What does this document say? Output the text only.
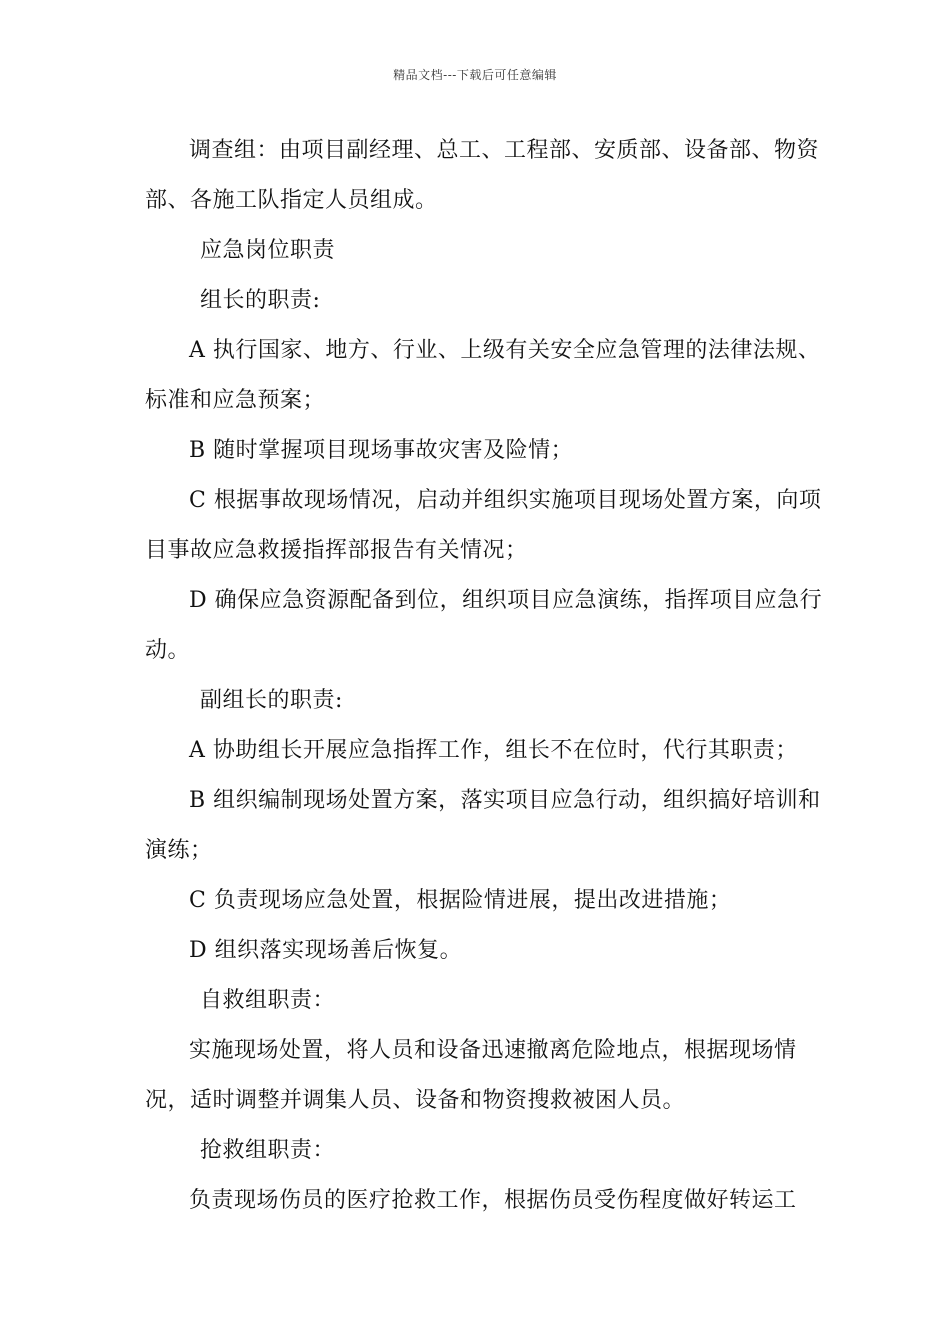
精品文档---下载后可任意编辑

调查组：由项目副经理、总工、工程部、安质部、设备部、物资部、各施工队指定人员组成。

应急岗位职责

组长的职责:

A 执行国家、地方、行业、上级有关安全应急管理的法律法规、标准和应急预案；

B 随时掌握项目现场事故灾害及险情；

C 根据事故现场情况，启动并组织实施项目现场处置方案，向项目事故应急救援指挥部报告有关情况；

D 确保应急资源配备到位，组织项目应急演练，指挥项目应急行动。

副组长的职责:

A 协助组长开展应急指挥工作，组长不在位时，代行其职责；

B 组织编制现场处置方案，落实项目应急行动，组织搞好培训和演练；

C 负责现场应急处置，根据险情进展，提出改进措施；

D 组织落实现场善后恢复。

自救组职责：

实施现场处置，将人员和设备迅速撤离危险地点，根据现场情况，适时调整并调集人员、设备和物资搜救被困人员。

抢救组职责：

负责现场伤员的医疗抢救工作，根据伤员受伤程度做好转运工
